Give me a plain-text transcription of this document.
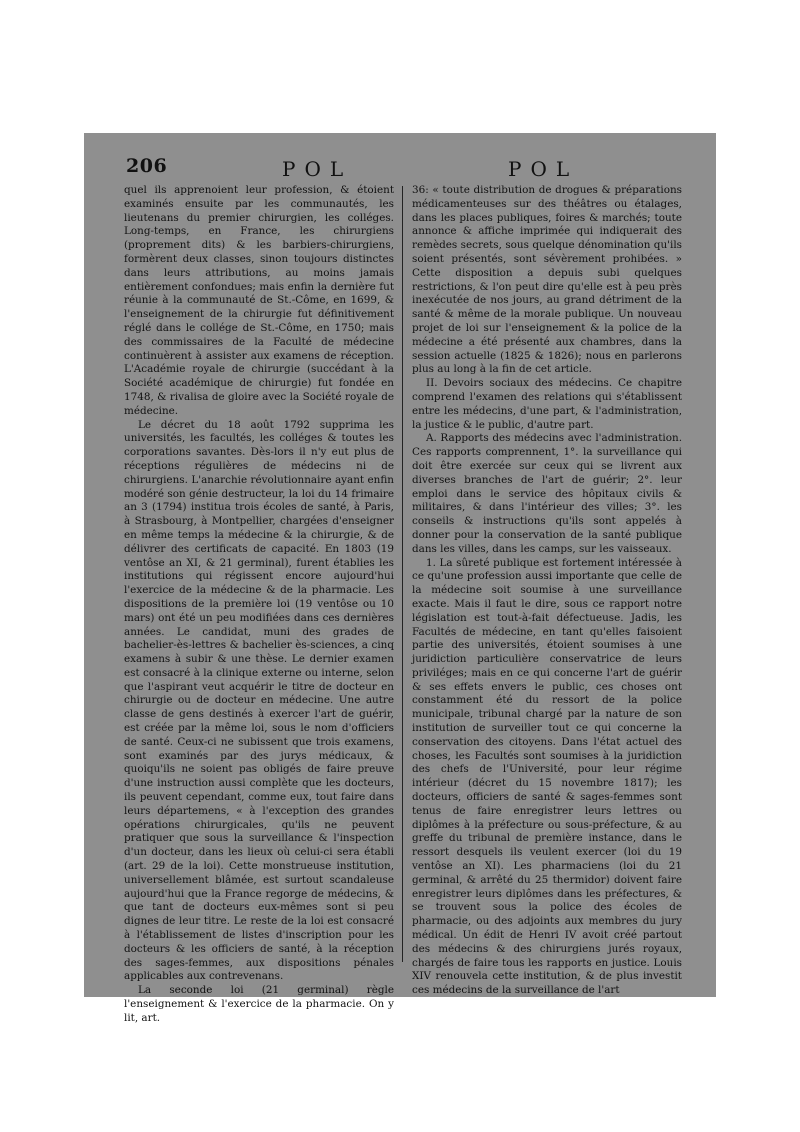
206	POL	POL

quel ils apprenoient leur profession, & étoient examinés ensuite par les communautés, les lieutenans du premier chirurgien, les colléges. Long-temps, en France, les chirurgiens (proprement dits) & les barbiers-chirurgiens, formèrent deux classes, sinon toujours distinctes dans leurs attributions, au moins jamais entièrement confondues; mais enfin la dernière fut réunie à la communauté de St.-Côme, en 1699, & l'enseignement de la chirurgie fut définitivement réglé dans le collége de St.-Côme, en 1750; mais des commissaires de la Faculté de médecine continuèrent à assister aux examens de réception. L'Académie royale de chirurgie (succédant à la Société académique de chirurgie) fut fondée en 1748, & rivalisa de gloire avec la Société royale de médecine.

Le décret du 18 août 1792 supprima les universités, les facultés, les colléges & toutes les corporations savantes. Dès-lors il n'y eut plus de réceptions régulières de médecins ni de chirurgiens. L'anarchie révolutionnaire ayant enfin modéré son génie destructeur, la loi du 14 frimaire an 3 (1794) institua trois écoles de santé, à Paris, à Strasbourg, à Montpellier, chargées d'enseigner en même temps la médecine & la chirurgie, & de délivrer des certificats de capacité. En 1803 (19 ventôse an XI, & 21 germinal), furent établies les institutions qui régissent encore aujourd'hui l'exercice de la médecine & de la pharmacie. Les dispositions de la première loi (19 ventôse ou 10 mars) ont été un peu modifiées dans ces dernières années. Le candidat, muni des grades de bachelier-ès-lettres & bachelier ès-sciences, a cinq examens à subir & une thèse. Le dernier examen est consacré à la clinique externe ou interne, selon que l'aspirant veut acquérir le titre de docteur en chirurgie ou de docteur en médecine. Une autre classe de gens destinés à exercer l'art de guérir, est créée par la même loi, sous le nom d'officiers de santé. Ceux-ci ne subissent que trois examens, sont examinés par des jurys médicaux, & quoiqu'ils ne soient pas obligés de faire preuve d'une instruction aussi complète que les docteurs, ils peuvent cependant, comme eux, tout faire dans leurs départemens, « à l'exception des grandes opérations chirurgicales, qu'ils ne peuvent pratiquer que sous la surveillance & l'inspection d'un docteur, dans les lieux où celui-ci sera établi (art. 29 de la loi). Cette monstrueuse institution, universellement blâmée, est surtout scandaleuse aujourd'hui que la France regorge de médecins, & que tant de docteurs eux-mêmes sont si peu dignes de leur titre. Le reste de la loi est consacré à l'établissement de listes d'inscription pour les docteurs & les officiers de santé, à la réception des sages-femmes, aux dispositions pénales applicables aux contrevenans.

La seconde loi (21 germinal) règle l'enseignement & l'exercice de la pharmacie. On y lit, art.

36: « toute distribution de drogues & préparations médicamenteuses sur des théâtres ou étalages, dans les places publiques, foires & marchés; toute annonce & affiche imprimée qui indiquerait des remèdes secrets, sous quelque dénomination qu'ils soient présentés, sont sévèrement prohibées. » Cette disposition a depuis subi quelques restrictions, & l'on peut dire qu'elle est à peu près inexécutée de nos jours, au grand détriment de la santé & même de la morale publique. Un nouveau projet de loi sur l'enseignement & la police de la médecine a été présenté aux chambres, dans la session actuelle (1825 & 1826); nous en parlerons plus au long à la fin de cet article.

II. Devoirs sociaux des médecins. Ce chapitre comprend l'examen des relations qui s'établissent entre les médecins, d'une part, & l'administration, la justice & le public, d'autre part.

A. Rapports des médecins avec l'administration. Ces rapports comprennent, 1°. la surveillance qui doit être exercée sur ceux qui se livrent aux diverses branches de l'art de guérir; 2°. leur emploi dans le service des hôpitaux civils & militaires, & dans l'intérieur des villes; 3°. les conseils & instructions qu'ils sont appelés à donner pour la conservation de la santé publique dans les villes, dans les camps, sur les vaisseaux.

1. La sûreté publique est fortement intéressée à ce qu'une profession aussi importante que celle de la médecine soit soumise à une surveillance exacte. Mais il faut le dire, sous ce rapport notre législation est tout-à-fait défectueuse. Jadis, les Facultés de médecine, en tant qu'elles faisoient partie des universités, étoient soumises à une juridiction particulière conservatrice de leurs priviléges; mais en ce qui concerne l'art de guérir & ses effets envers le public, ces choses ont constamment été du ressort de la police municipale, tribunal chargé par la nature de son institution de surveiller tout ce qui concerne la conservation des citoyens. Dans l'état actuel des choses, les Facultés sont soumises à la juridiction des chefs de l'Université, pour leur régime intérieur (décret du 15 novembre 1817); les docteurs, officiers de santé & sages-femmes sont tenus de faire enregistrer leurs lettres ou diplômes à la préfecture ou sous-préfecture, & au greffe du tribunal de première instance, dans le ressort desquels ils veulent exercer (loi du 19 ventôse an XI). Les pharmaciens (loi du 21 germinal, & arrêté du 25 thermidor) doivent faire enregistrer leurs diplômes dans les préfectures, & se trouvent sous la police des écoles de pharmacie, ou des adjoints aux membres du jury médical. Un édit de Henri IV avoit créé partout des médecins & des chirurgiens jurés royaux, chargés de faire tous les rapports en justice. Louis XIV renouvela cette institution, & de plus investit ces médecins de la surveillance de l'art
